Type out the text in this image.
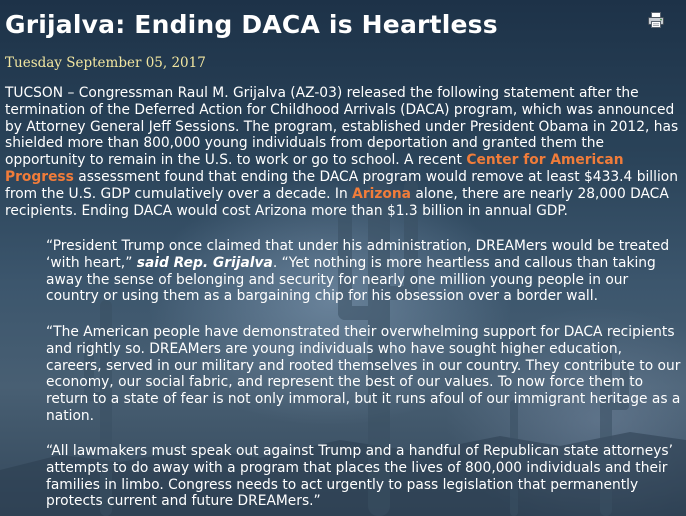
Grijalva: Ending DACA is Heartless
Tuesday September 05, 2017

TUCSON – Congressman Raul M. Grijalva (AZ-03) released the following statement after the termination of the Deferred Action for Childhood Arrivals (DACA) program, which was announced by Attorney General Jeff Sessions. The program, established under President Obama in 2012, has shielded more than 800,000 young individuals from deportation and granted them the opportunity to remain in the U.S. to work or go to school. A recent Center for American Progress assessment found that ending the DACA program would remove at least $433.4 billion from the U.S. GDP cumulatively over a decade. In Arizona alone, there are nearly 28,000 DACA recipients. Ending DACA would cost Arizona more than $1.3 billion in annual GDP.

“President Trump once claimed that under his administration, DREAMers would be treated ‘with heart,” said Rep. Grijalva. “Yet nothing is more heartless and callous than taking away the sense of belonging and security for nearly one million young people in our country or using them as a bargaining chip for his obsession over a border wall.

“The American people have demonstrated their overwhelming support for DACA recipients and rightly so. DREAMers are young individuals who have sought higher education, careers, served in our military and rooted themselves in our country. They contribute to our economy, our social fabric, and represent the best of our values. To now force them to return to a state of fear is not only immoral, but it runs afoul of our immigrant heritage as a nation.

“All lawmakers must speak out against Trump and a handful of Republican state attorneys’ attempts to do away with a program that places the lives of 800,000 individuals and their families in limbo. Congress needs to act urgently to pass legislation that permanently protects current and future DREAMers.”
